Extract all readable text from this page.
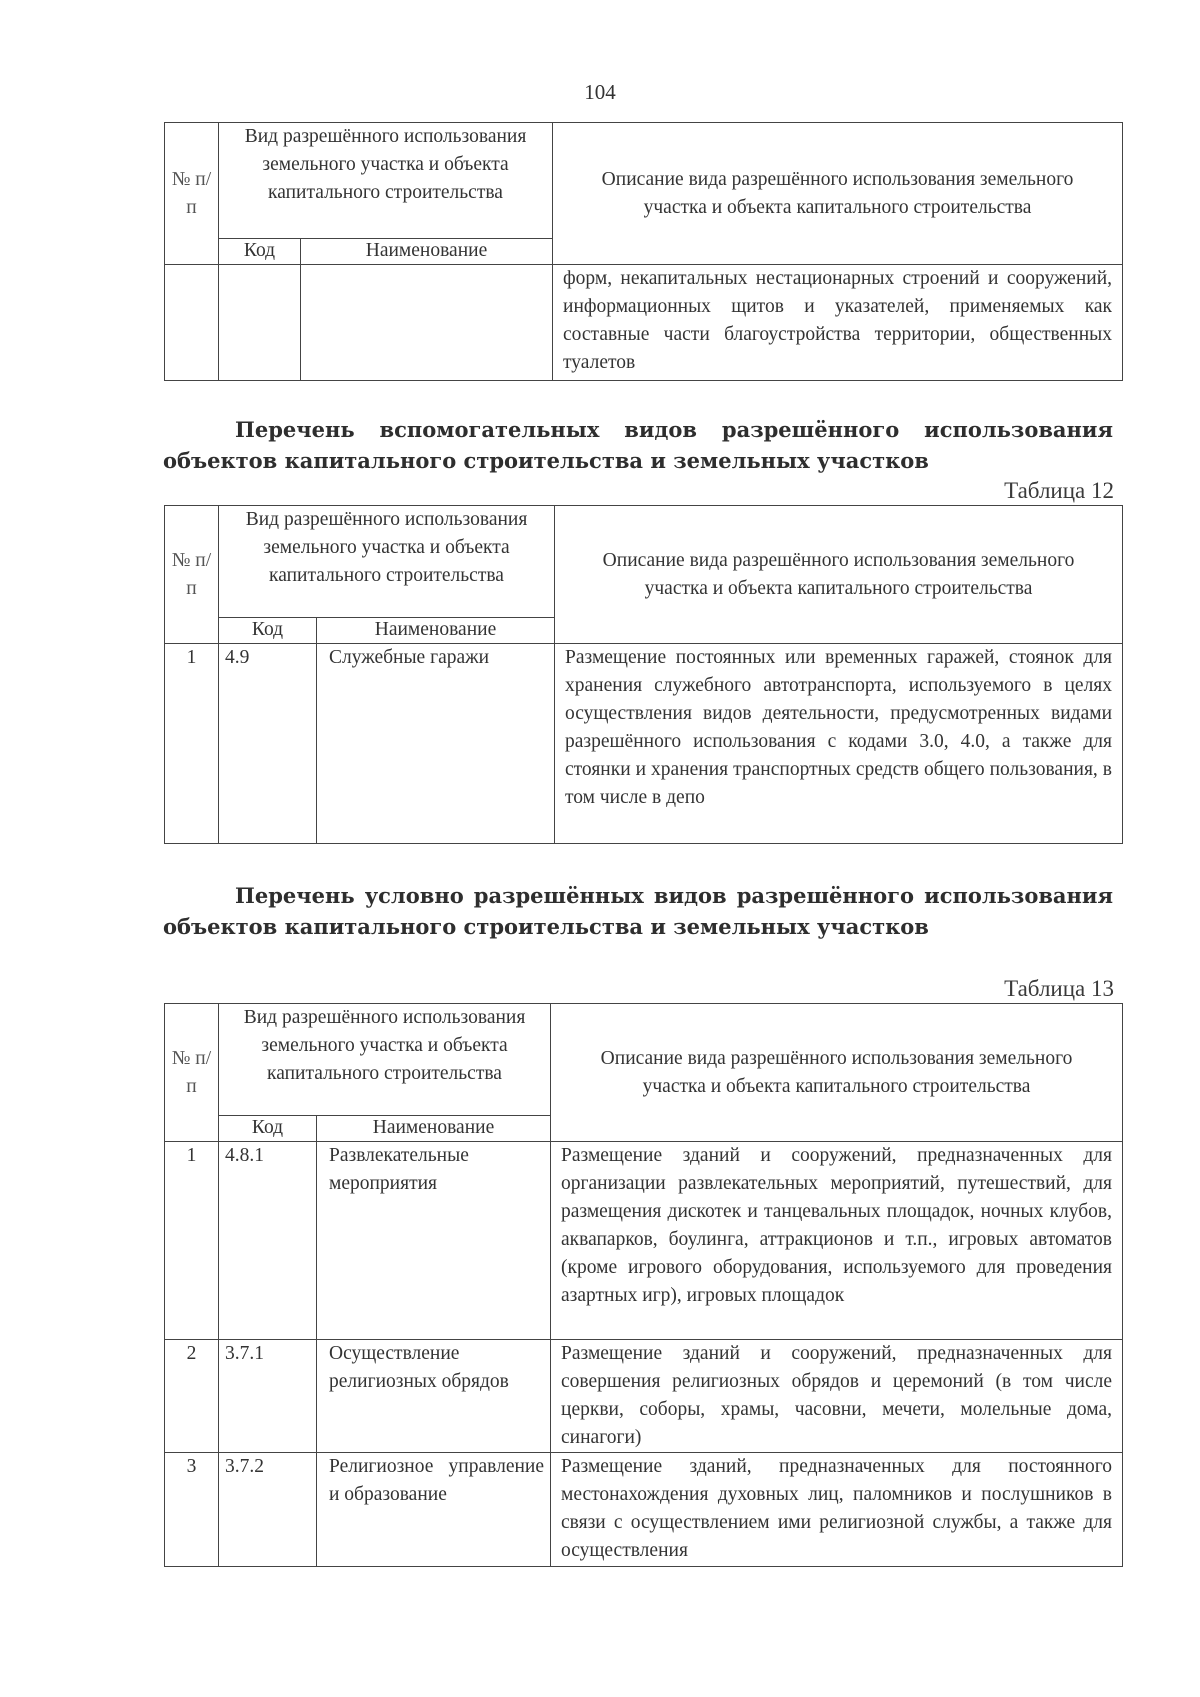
104
№ п/п	Вид разрешённого использования земельного участка и объекта капитального строительства		Описание вида разрешённого использования земельного участка и объекта капитального строительства
	Код	Наименование	
			форм, некапитальных нестационарных строений и сооружений, информационных щитов и указателей, применяемых как составные части благоустройства территории, общественных туалетов

Перечень вспомогательных видов разрешённого использования объектов капитального строительства и земельных участков

Таблица 12
№ п/п	Вид разрешённого использования земельного участка и объекта капитального строительства		Описание вида разрешённого использования земельного участка и объекта капитального строительства
	Код	Наименование	
1	4.9	Служебные гаражи	Размещение постоянных или временных гаражей, стоянок для хранения служебного автотранспорта, используемого в целях осуществления видов деятельности, предусмотренных видами разрешённого использования с кодами 3.0, 4.0, а также для стоянки и хранения транспортных средств общего пользования, в том числе в депо

Перечень условно разрешённых видов разрешённого использования объектов капитального строительства и земельных участков

Таблица 13
№ п/п	Вид разрешённого использования земельного участка и объекта капитального строительства		Описание вида разрешённого использования земельного участка и объекта капитального строительства
	Код	Наименование	
1	4.8.1	Развлекательные мероприятия	Размещение зданий и сооружений, предназначенных для организации развлекательных мероприятий, путешествий, для размещения дискотек и танцевальных площадок, ночных клубов, аквапарков, боулинга, аттракционов и т.п., игровых автоматов (кроме игрового оборудования, используемого для проведения азартных игр), игровых площадок
2	3.7.1	Осуществление религиозных обрядов	Размещение зданий и сооружений, предназначенных для совершения религиозных обрядов и церемоний (в том числе церкви, соборы, храмы, часовни, мечети, молельные дома, синагоги)
3	3.7.2	Религиозное управление и образование	Размещение зданий, предназначенных для постоянного местонахождения духовных лиц, паломников и послушников в связи с осуществлением ими религиозной службы, а также для осуществления
